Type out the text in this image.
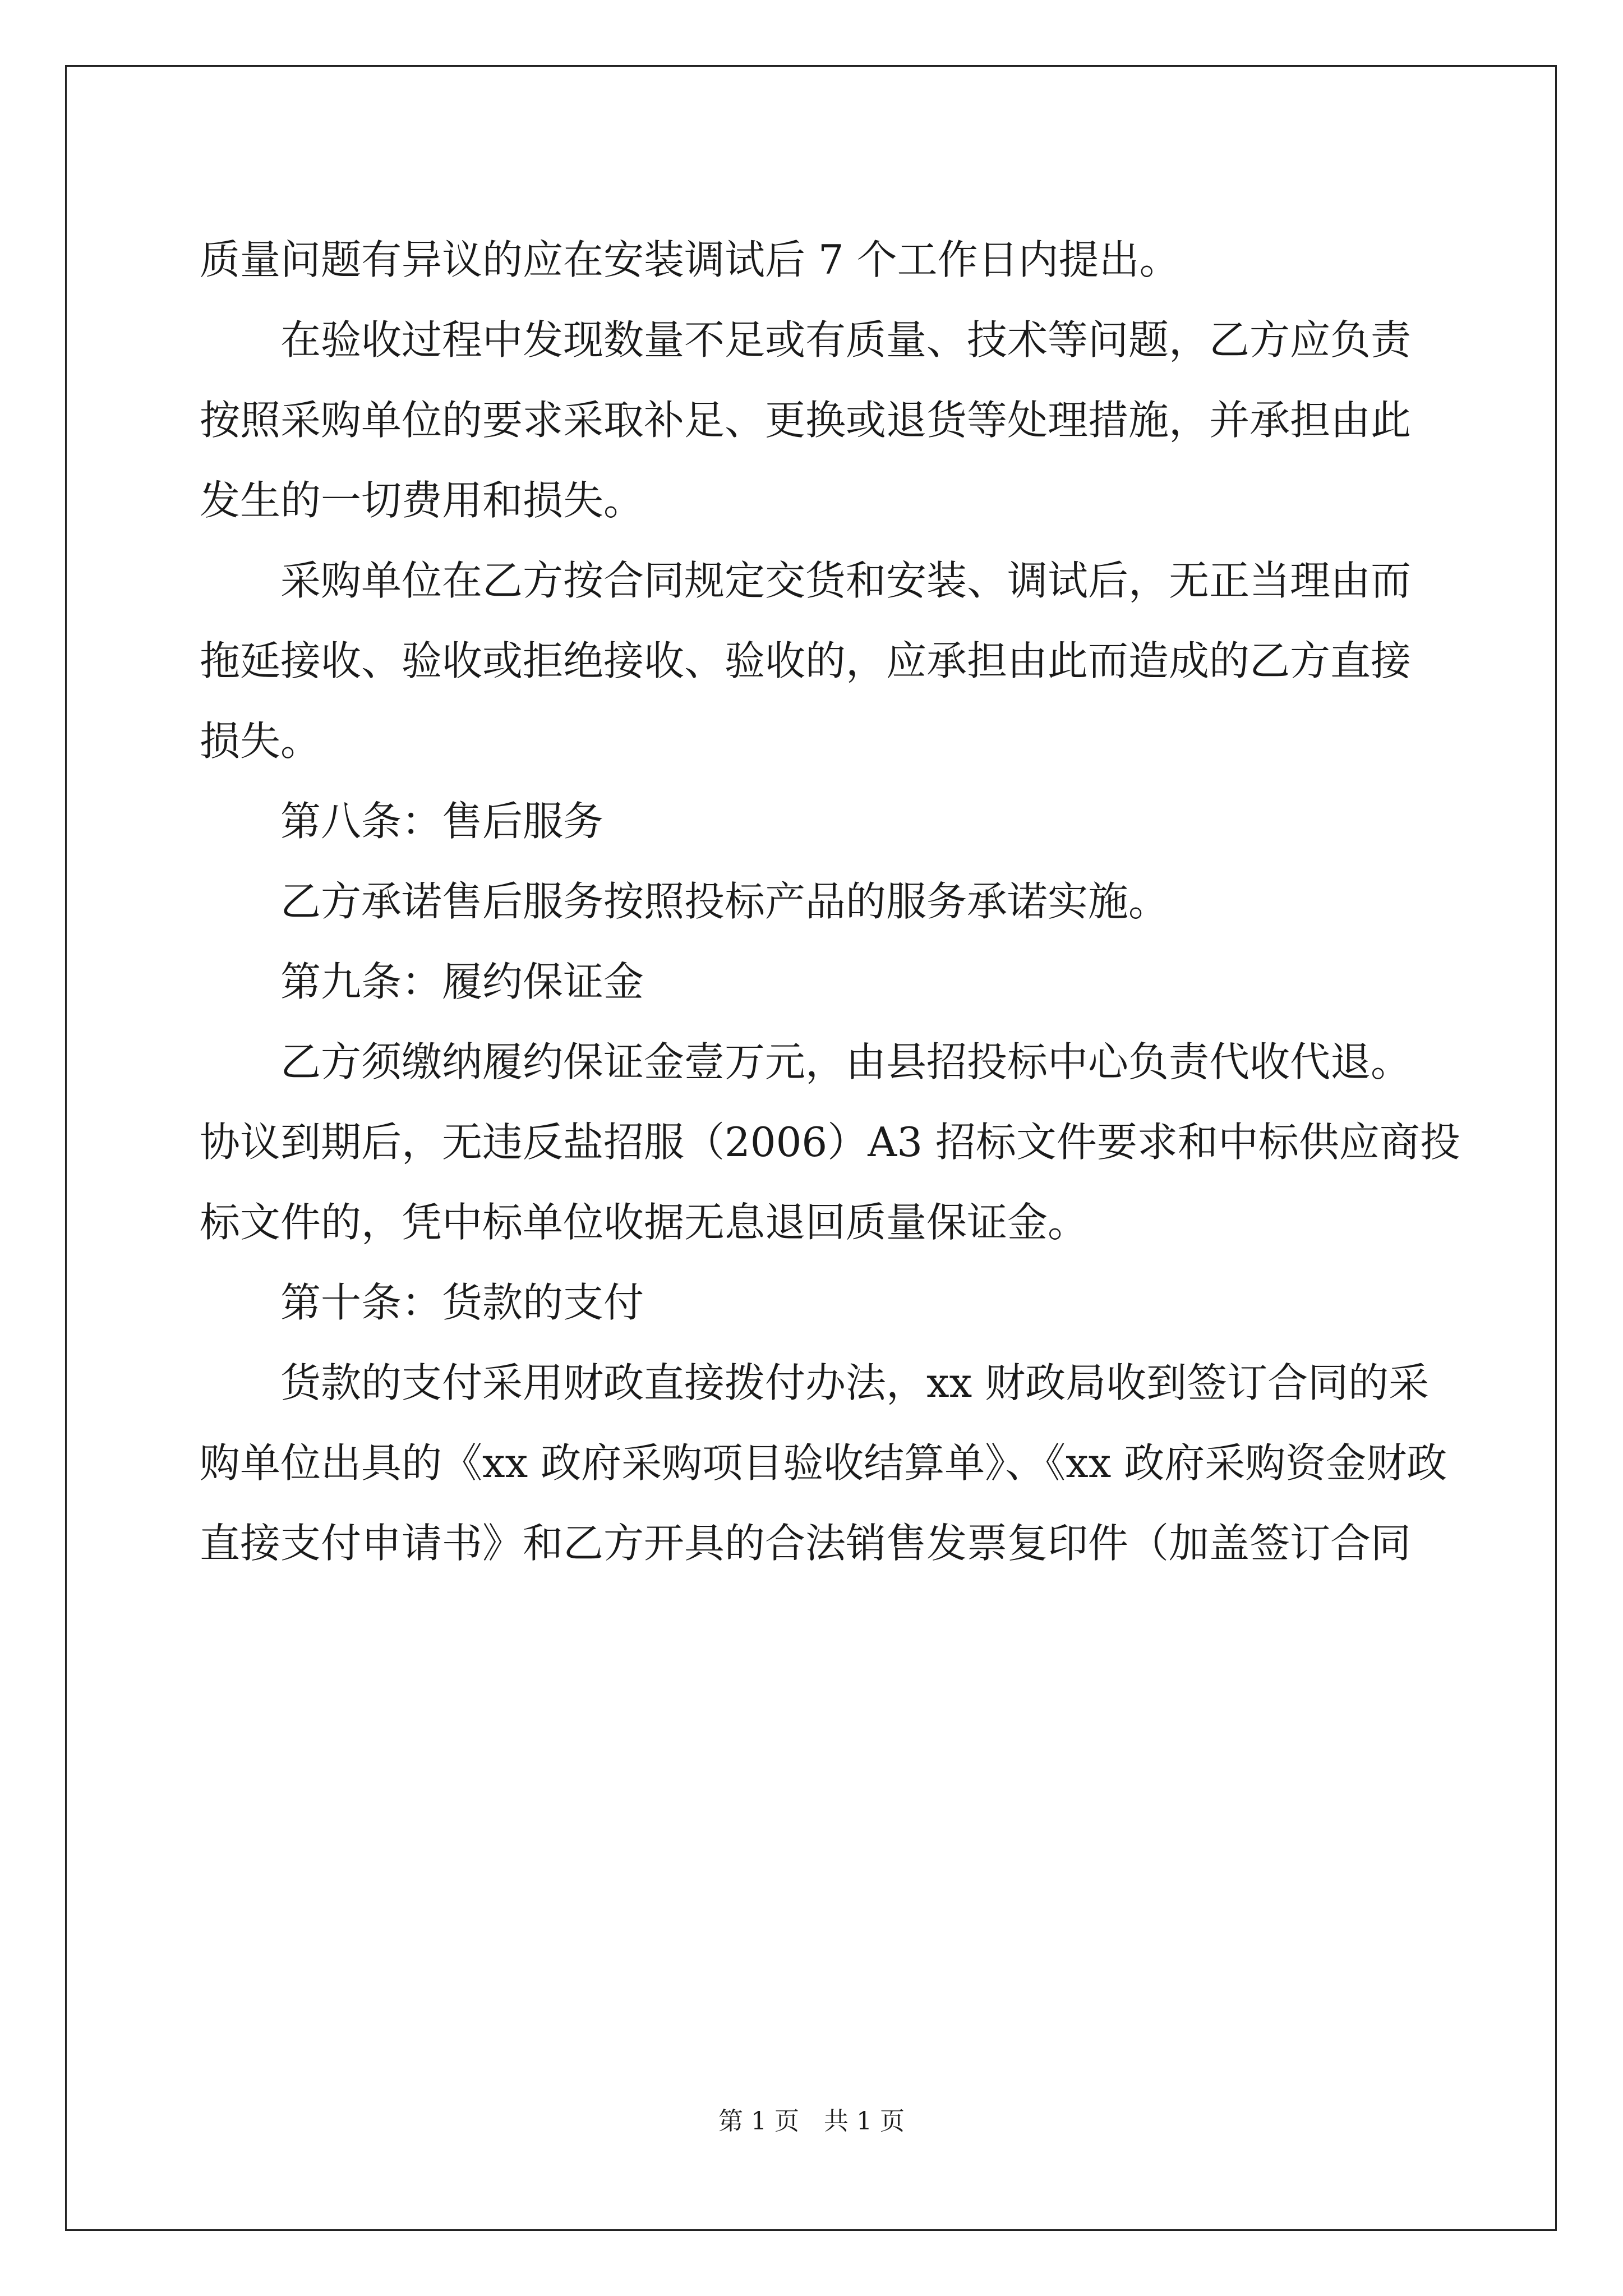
质量问题有异议的应在安装调试后 7 个工作日内提出。
在验收过程中发现数量不足或有质量、技术等问题，乙方应负责
按照采购单位的要求采取补足、更换或退货等处理措施，并承担由此
发生的一切费用和损失。
采购单位在乙方按合同规定交货和安装、调试后，无正当理由而
拖延接收、验收或拒绝接收、验收的，应承担由此而造成的乙方直接
损失。
第八条：售后服务
乙方承诺售后服务按照投标产品的服务承诺实施。
第九条：履约保证金
乙方须缴纳履约保证金壹万元，由县招投标中心负责代收代退。
协议到期后，无违反盐招服（2006）A3 招标文件要求和中标供应商投
标文件的，凭中标单位收据无息退回质量保证金。
第十条：货款的支付
货款的支付采用财政直接拨付办法，xx 财政局收到签订合同的采
购单位出具的《xx 政府采购项目验收结算单》、《xx 政府采购资金财政
直接支付申请书》和乙方开具的合法销售发票复印件（加盖签订合同
第 1 页　共 1 页
